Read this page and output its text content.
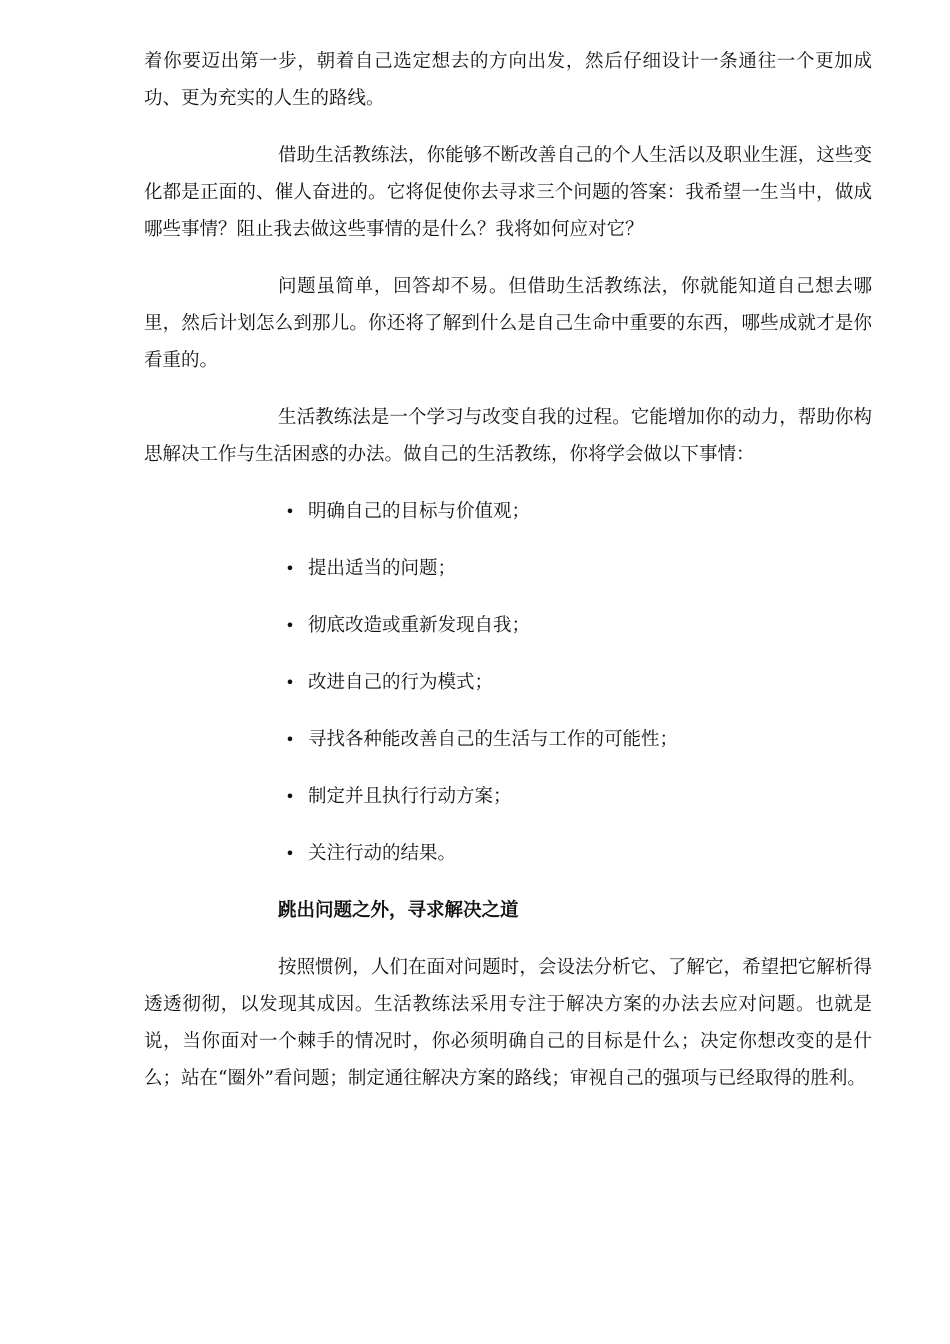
着你要迈出第一步，朝着自己选定想去的方向出发，然后仔细设计一条通往一个更加成功、更为充实的人生的路线。

借助生活教练法，你能够不断改善自己的个人生活以及职业生涯，这些变化都是正面的、催人奋进的。它将促使你去寻求三个问题的答案：我希望一生当中，做成哪些事情？阻止我去做这些事情的是什么？我将如何应对它？

问题虽简单，回答却不易。但借助生活教练法，你就能知道自己想去哪里，然后计划怎么到那儿。你还将了解到什么是自己生命中重要的东西，哪些成就才是你看重的。

生活教练法是一个学习与改变自我的过程。它能增加你的动力，帮助你构思解决工作与生活困惑的办法。做自己的生活教练，你将学会做以下事情：

• 明确自己的目标与价值观；
• 提出适当的问题；
• 彻底改造或重新发现自我；
• 改进自己的行为模式；
• 寻找各种能改善自己的生活与工作的可能性；
• 制定并且执行行动方案；
• 关注行动的结果。
跳出问题之外，寻求解决之道

按照惯例，人们在面对问题时，会设法分析它、了解它，希望把它解析得透透彻彻，以发现其成因。生活教练法采用专注于解决方案的办法去应对问题。也就是说，当你面对一个棘手的情况时，你必须明确自己的目标是什么；决定你想改变的是什么；站在“圈外”看问题；制定通往解决方案的路线；审视自己的强项与已经取得的胜利。
